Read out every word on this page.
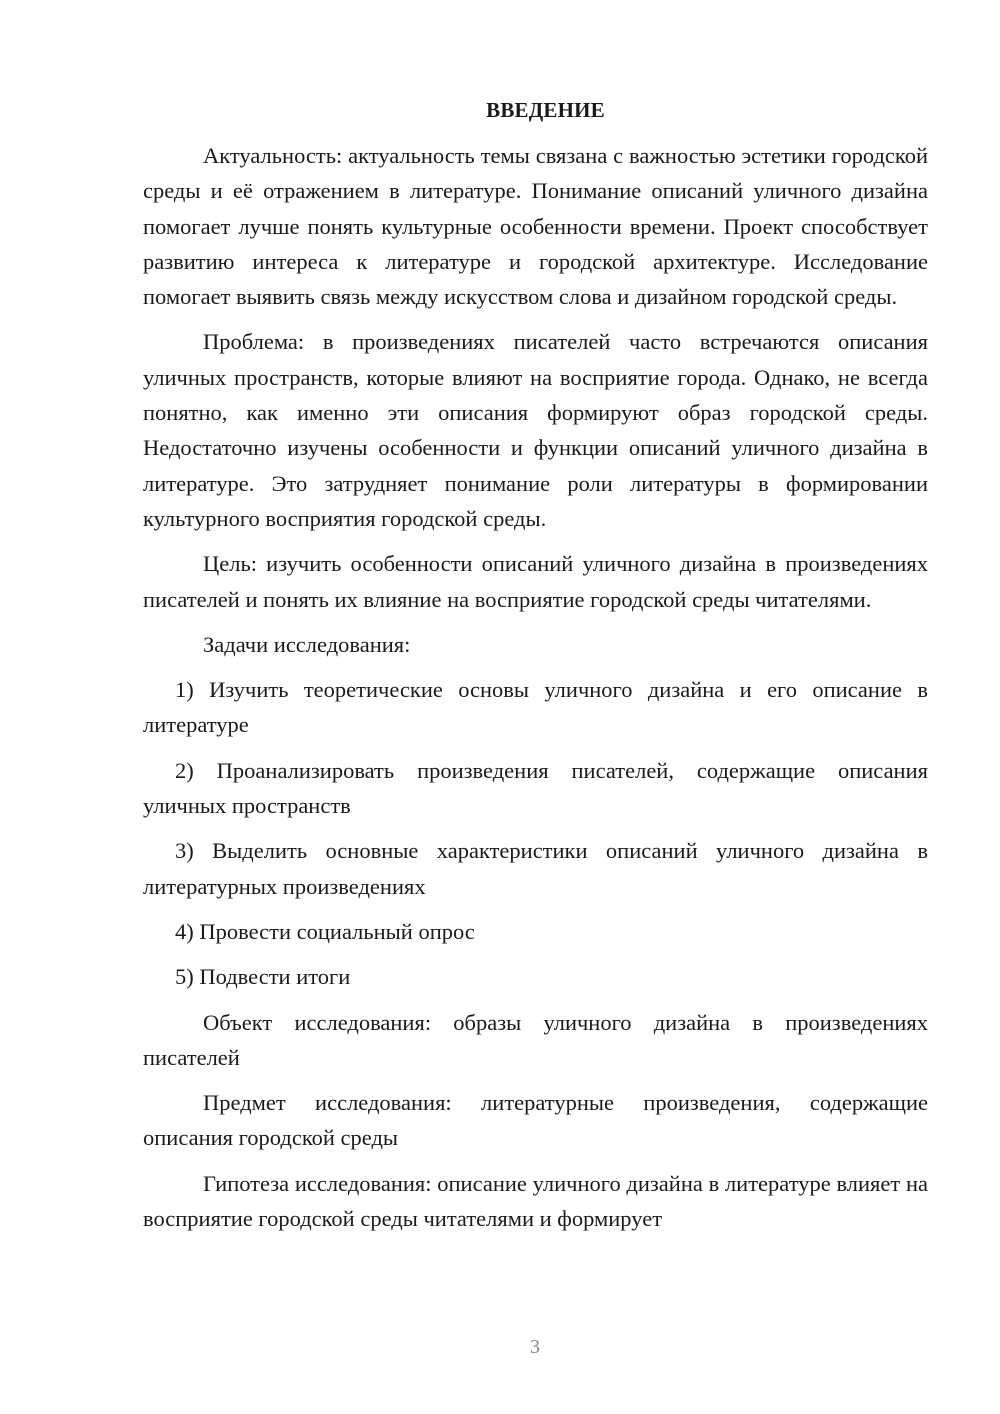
ВВЕДЕНИЕ

Актуальность: актуальность темы связана с важностью эстетики городской среды и её отражением в литературе. Понимание описаний уличного дизайна помогает лучше понять культурные особенности времени. Проект способствует развитию интереса к литературе и городской архитектуре. Исследование помогает выявить связь между искусством слова и дизайном городской среды.

Проблема: в произведениях писателей часто встречаются описания уличных пространств, которые влияют на восприятие города. Однако, не всегда понятно, как именно эти описания формируют образ городской среды. Недостаточно изучены особенности и функции описаний уличного дизайна в литературе. Это затрудняет понимание роли литературы в формировании культурного восприятия городской среды.

Цель: изучить особенности описаний уличного дизайна в произведениях писателей и понять их влияние на восприятие городской среды читателями.

Задачи исследования:

1) Изучить теоретические основы уличного дизайна и его описание в литературе

2) Проанализировать произведения писателей, содержащие описания уличных пространств

3) Выделить основные характеристики описаний уличного дизайна в литературных произведениях

4) Провести социальный опрос

5) Подвести итоги

Объект исследования: образы уличного дизайна в произведениях писателей

Предмет исследования: литературные произведения, содержащие описания городской среды

Гипотеза исследования: описание уличного дизайна в литературе влияет на восприятие городской среды читателями и формирует

3
